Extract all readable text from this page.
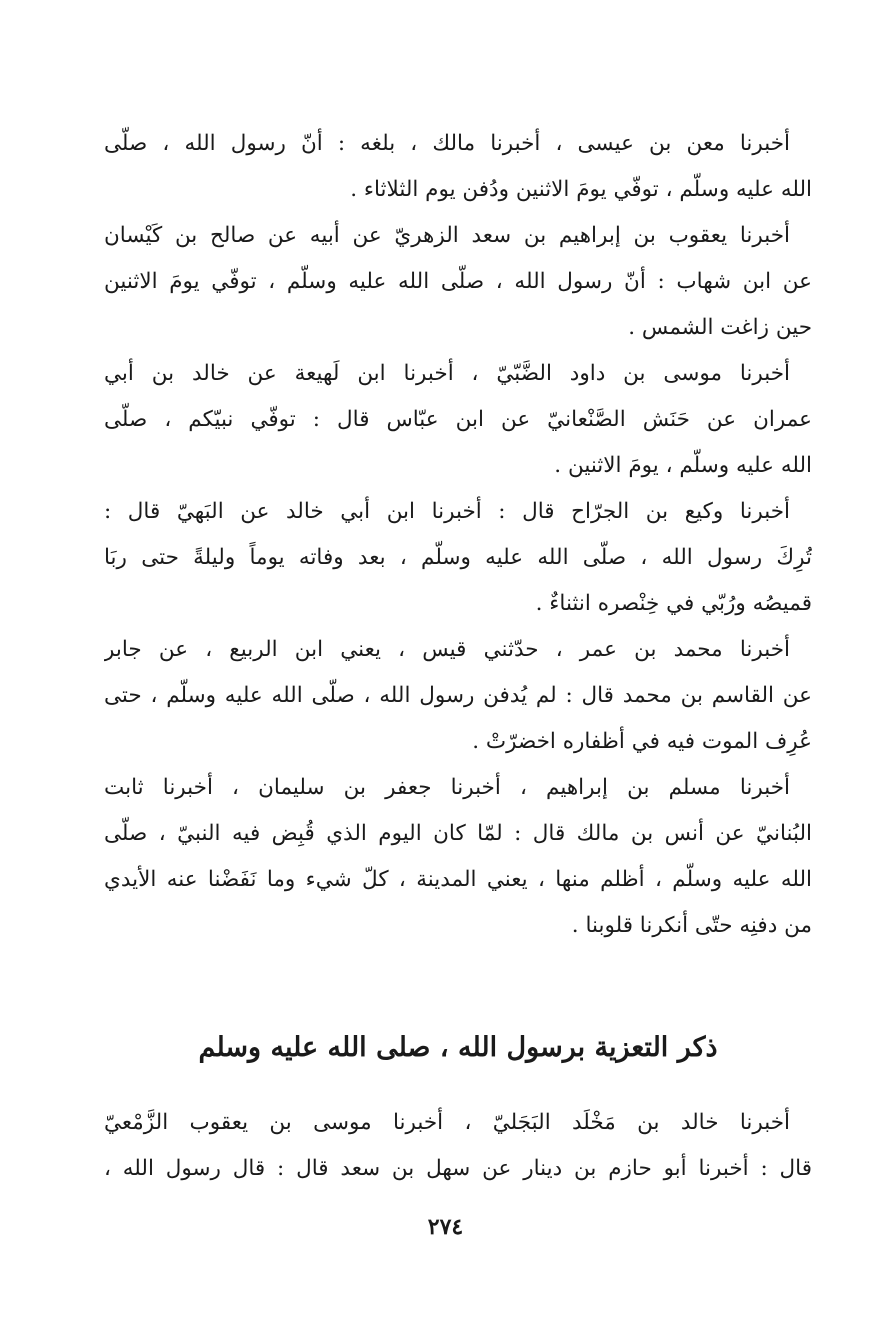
أخبرنا معن بن عيسى ، أخبرنا مالك ، بلغه : أنّ رسول الله ، صلّى
الله عليه وسلّم ، توفّي يومَ الاثنين ودُفن يوم الثلاثاء .
أخبرنا يعقوب بن إبراهيم بن سعد الزهريّ عن أبيه عن صالح بن كَيْسان
عن ابن شهاب : أنّ رسول الله ، صلّى الله عليه وسلّم ، توفّي يومَ الاثنين
حين زاغت الشمس .
أخبرنا موسى بن داود الضَّبّيّ ، أخبرنا ابن لَهيعة عن خالد بن أبي
عمران عن حَنَش الصَّنْعانيّ عن ابن عبّاس قال : توفّي نبيّكم ، صلّى
الله عليه وسلّم ، يومَ الاثنين .
أخبرنا وكيع بن الجرّاح قال : أخبرنا ابن أبي خالد عن البَهيّ قال :
تُرِكَ رسول الله ، صلّى الله عليه وسلّم ، بعد وفاته يوماً وليلةً حتى ربَا
قميصُه ورُبّي في خِنْصره انثناءٌ .
أخبرنا محمد بن عمر ، حدّثني قيس ، يعني ابن الربيع ، عن جابر
عن القاسم بن محمد قال : لم يُدفن رسول الله ، صلّى الله عليه وسلّم ، حتى
عُرِف الموت فيه في أظفاره اخضرّتْ .
أخبرنا مسلم بن إبراهيم ، أخبرنا جعفر بن سليمان ، أخبرنا ثابت
البُنانيّ عن أنس بن مالك قال : لمّا كان اليوم الذي قُبِض فيه النبيّ ، صلّى
الله عليه وسلّم ، أظلم منها ، يعني المدينة ، كلّ شيء وما نَفَضْنا عنه الأيدي
من دفنِه حتّى أنكرنا قلوبنا .
ذكر التعزية برسول الله ، صلى الله عليه وسلم
أخبرنا خالد بن مَخْلَد البَجَليّ ، أخبرنا موسى بن يعقوب الزَّمْعيّ
قال : أخبرنا أبو حازم بن دينار عن سهل بن سعد قال : قال رسول الله ،
٢٧٤
